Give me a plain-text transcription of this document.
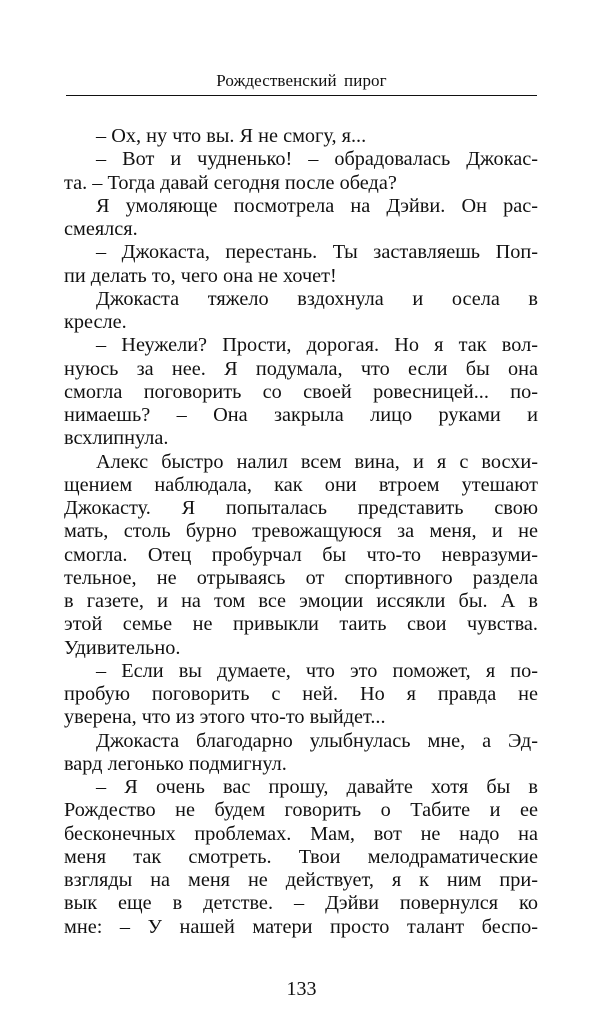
Рождественский пирог
– Ох, ну что вы. Я не смогу, я...
– Вот и чудненько! – обрадовалась Джокас-
та. – Тогда давай сегодня после обеда?
Я умоляюще посмотрела на Дэйви. Он рас-
смеялся.
– Джокаста, перестань. Ты заставляешь Поп-
пи делать то, чего она не хочет!
Джокаста тяжело вздохнула и осела в
кресле.
– Неужели? Прости, дорогая. Но я так вол-
нуюсь за нее. Я подумала, что если бы она
смогла поговорить со своей ровесницей... по-
нимаешь? – Она закрыла лицо руками и
всхлипнула.
Алекс быстро налил всем вина, и я с восхи-
щением наблюдала, как они втроем утешают
Джокасту. Я попыталась представить свою
мать, столь бурно тревожащуюся за меня, и не
смогла. Отец пробурчал бы что-то невразуми-
тельное, не отрываясь от спортивного раздела
в газете, и на том все эмоции иссякли бы. А в
этой семье не привыкли таить свои чувства.
Удивительно.
– Если вы думаете, что это поможет, я по-
пробую поговорить с ней. Но я правда не
уверена, что из этого что-то выйдет...
Джокаста благодарно улыбнулась мне, а Эд-
вард легонько подмигнул.
– Я очень вас прошу, давайте хотя бы в
Рождество не будем говорить о Табите и ее
бесконечных проблемах. Мам, вот не надо на
меня так смотреть. Твои мелодраматические
взгляды на меня не действует, я к ним при-
вык еще в детстве. – Дэйви повернулся ко
мне: – У нашей матери просто талант беспо-
133
